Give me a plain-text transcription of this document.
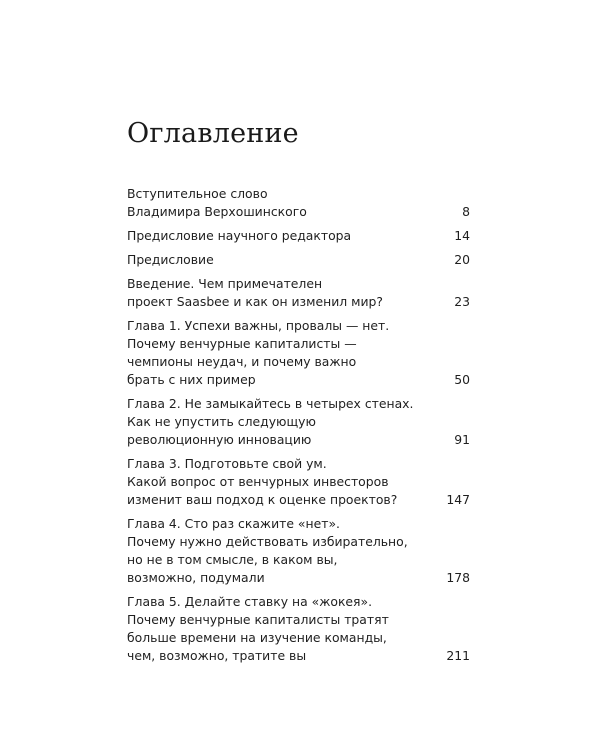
Оглавление
Вступительное слово
Владимира Верхошинского	8
Предисловие научного редактора	14
Предисловие	20
Введение. Чем примечателен
проект Saasbee и как он изменил мир?	23
Глава 1. Успехи важны, провалы — нет.
Почему венчурные капиталисты —
чемпионы неудач, и почему важно
брать с них пример	50
Глава 2. Не замыкайтесь в четырех стенах.
Как не упустить следующую
революционную инновацию	91
Глава 3. Подготовьте свой ум.
Какой вопрос от венчурных инвесторов
изменит ваш подход к оценке проектов?	147
Глава 4. Сто раз скажите «нет».
Почему нужно действовать избирательно,
но не в том смысле, в каком вы,
возможно, подумали	178
Глава 5. Делайте ставку на «жокея».
Почему венчурные капиталисты тратят
больше времени на изучение команды,
чем, возможно, тратите вы	211
